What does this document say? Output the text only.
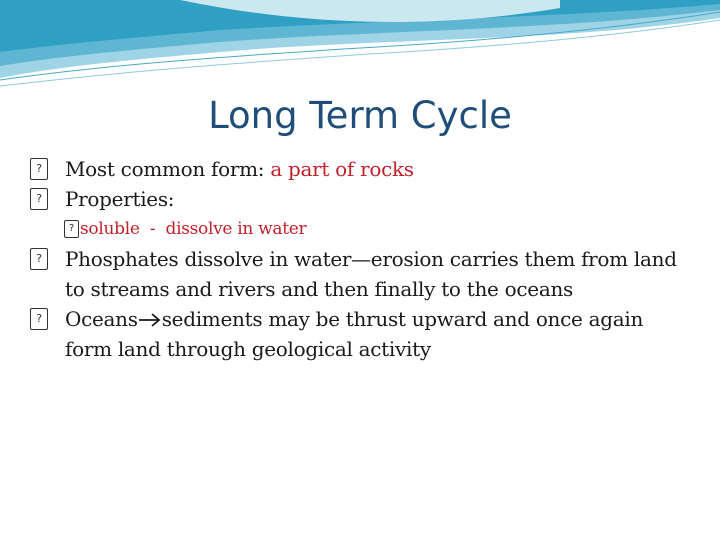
Long Term Cycle
?	Most common form: a part of rocks
?	Properties:
? soluble  -  dissolve in water
?	Phosphates dissolve in water—erosion carries them from land to streams and rivers and then finally to the oceans
?	Oceans sediments may be thrust upward and once again form land through geological activity
